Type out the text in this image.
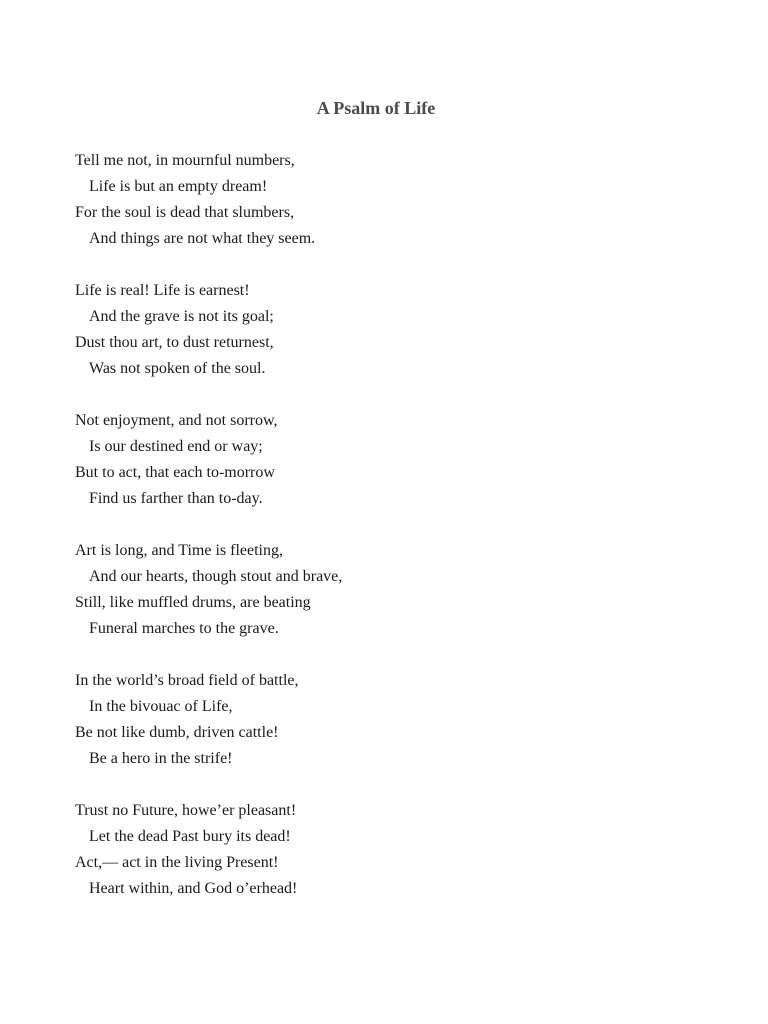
A Psalm of Life
Tell me not, in mournful numbers,
Life is but an empty dream!
For the soul is dead that slumbers,
And things are not what they seem.
Life is real! Life is earnest!
And the grave is not its goal;
Dust thou art, to dust returnest,
Was not spoken of the soul.
Not enjoyment, and not sorrow,
Is our destined end or way;
But to act, that each to-morrow
Find us farther than to-day.
Art is long, and Time is fleeting,
And our hearts, though stout and brave,
Still, like muffled drums, are beating
Funeral marches to the grave.
In the world’s broad field of battle,
In the bivouac of Life,
Be not like dumb, driven cattle!
Be a hero in the strife!
Trust no Future, howe’er pleasant!
Let the dead Past bury its dead!
Act,— act in the living Present!
Heart within, and God o’erhead!
